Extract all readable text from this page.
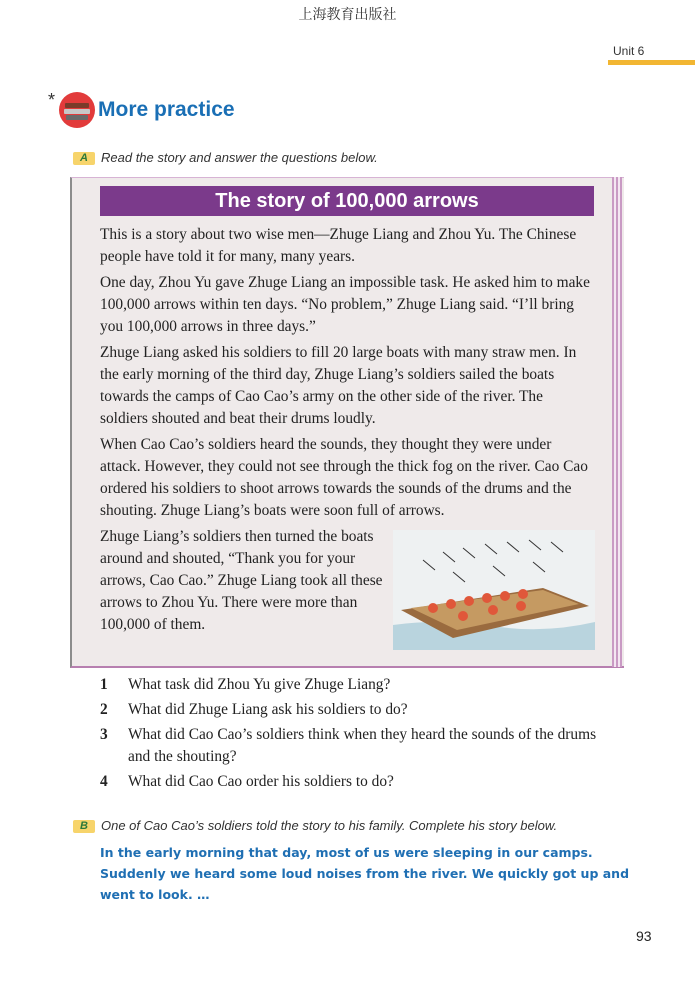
上海教育出版社
Unit 6
* More practice
A Read the story and answer the questions below.
The story of 100,000 arrows

This is a story about two wise men—Zhuge Liang and Zhou Yu. The Chinese people have told it for many, many years.

One day, Zhou Yu gave Zhuge Liang an impossible task. He asked him to make 100,000 arrows within ten days. “No problem,” Zhuge Liang said. “I’ll bring you 100,000 arrows in three days.”

Zhuge Liang asked his soldiers to fill 20 large boats with many straw men. In the early morning of the third day, Zhuge Liang’s soldiers sailed the boats towards the camps of Cao Cao’s army on the other side of the river. The soldiers shouted and beat their drums loudly.

When Cao Cao’s soldiers heard the sounds, they thought they were under attack. However, they could not see through the thick fog on the river. Cao Cao ordered his soldiers to shoot arrows towards the sounds of the drums and the shouting. Zhuge Liang’s boats were soon full of arrows.

Zhuge Liang’s soldiers then turned the boats around and shouted, “Thank you for your arrows, Cao Cao.” Zhuge Liang took all these arrows to Zhou Yu. There were more than 100,000 of them.

1	What task did Zhou Yu give Zhuge Liang?
2	What did Zhuge Liang ask his soldiers to do?
3	What did Cao Cao’s soldiers think when they heard the sounds of the drums and the shouting?
4	What did Cao Cao order his soldiers to do?
B One of Cao Cao’s soldiers told the story to his family. Complete his story below.
In the early morning that day, most of us were sleeping in our camps. Suddenly we heard some loud noises from the river. We quickly got up and went to look. …
93
